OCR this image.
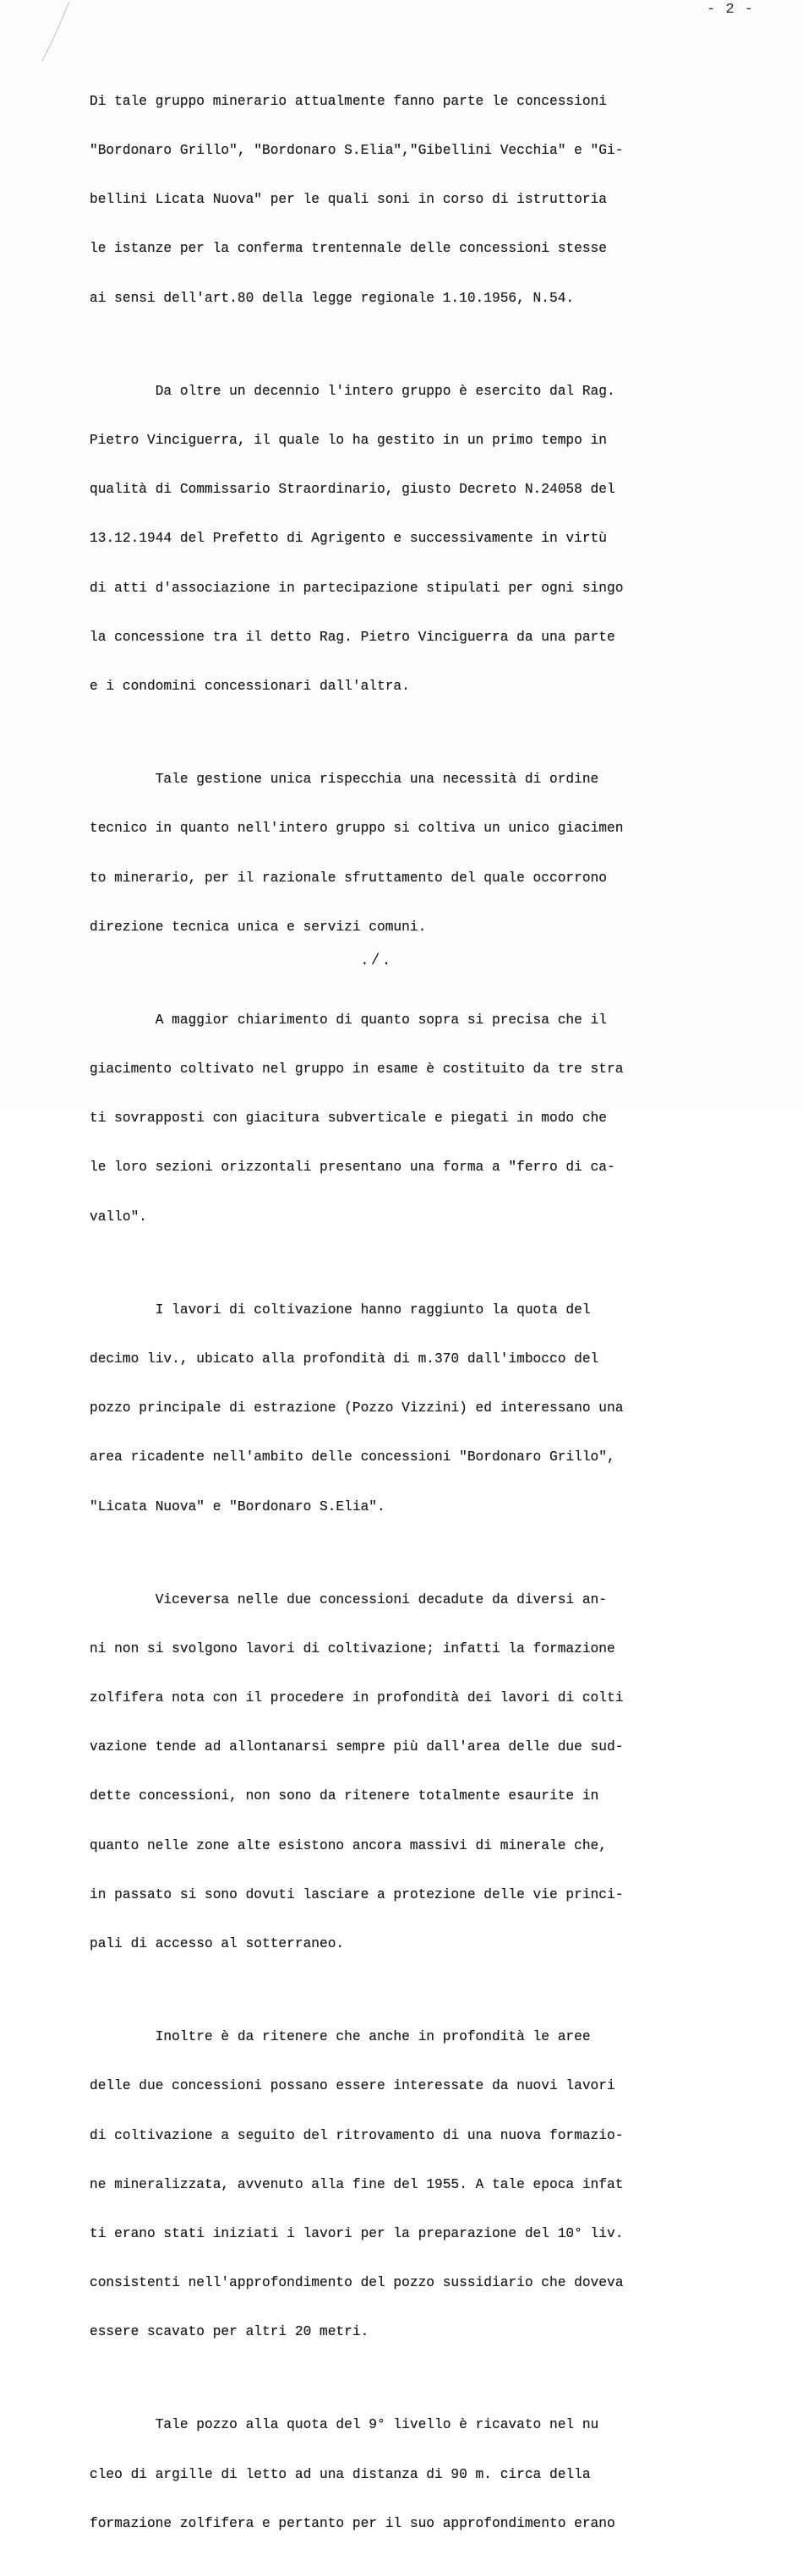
- 2 -

Di tale gruppo minerario attualmente fanno parte le concessioni

"Bordonaro Grillo", "Bordonaro S.Elia","Gibellini Vecchia" e "Gi-

bellini Licata Nuova" per le quali soni in corso di istruttoria

le istanze per la conferma trentennale delle concessioni stesse

ai sensi dell'art.80 della legge regionale 1.10.1956, N.54.

Da oltre un decennio l'intero gruppo è esercito dal Rag.

Pietro Vinciguerra, il quale lo ha gestito in un primo tempo in

qualità di Commissario Straordinario, giusto Decreto N.24058 del

13.12.1944 del Prefetto di Agrigento e successivamente in virtù

di atti d'associazione in partecipazione stipulati per ogni singo

la concessione tra il detto Rag. Pietro Vinciguerra da una parte

e i condomini concessionari dall'altra.

Tale gestione unica rispecchia una necessità di ordine

tecnico in quanto nell'intero gruppo si coltiva un unico giacimen

to minerario, per il razionale sfruttamento del quale occorrono

direzione tecnica unica e servizi comuni.

A maggior chiarimento di quanto sopra si precisa che il

giacimento coltivato nel gruppo in esame è costituito da tre stra

ti sovrapposti con giacitura subverticale e piegati in modo che

le loro sezioni orizzontali presentano una forma a "ferro di ca-

vallo".

I lavori di coltivazione hanno raggiunto la quota del

decimo liv., ubicato alla profondità di m.370 dall'imbocco del

pozzo principale di estrazione (Pozzo Vizzini) ed interessano una

area ricadente nell'ambito delle concessioni "Bordonaro Grillo",

"Licata Nuova" e "Bordonaro S.Elia".

Viceversa nelle due concessioni decadute da diversi an-

ni non si svolgono lavori di coltivazione; infatti la formazione

zolfifera nota con il procedere in profondità dei lavori di colti

vazione tende ad allontanarsi sempre più dall'area delle due sud-

dette concessioni, non sono da ritenere totalmente esaurite in

quanto nelle zone alte esistono ancora massivi di minerale che,

in passato si sono dovuti lasciare a protezione delle vie princi-

pali di accesso al sotterraneo.

Inoltre è da ritenere che anche in profondità le aree

delle due concessioni possano essere interessate da nuovi lavori

di coltivazione a seguito del ritrovamento di una nuova formazio-

ne mineralizzata, avvenuto alla fine del 1955. A tale epoca infat

ti erano stati iniziati i lavori per la preparazione del 10° liv.

consistenti nell'approfondimento del pozzo sussidiario che doveva

essere scavato per altri 20 metri.

Tale pozzo alla quota del 9° livello è ricavato nel nu

cleo di argille di letto ad una distanza di 90 m. circa della

formazione zolfifera e pertanto per il suo approfondimento erano

./.
